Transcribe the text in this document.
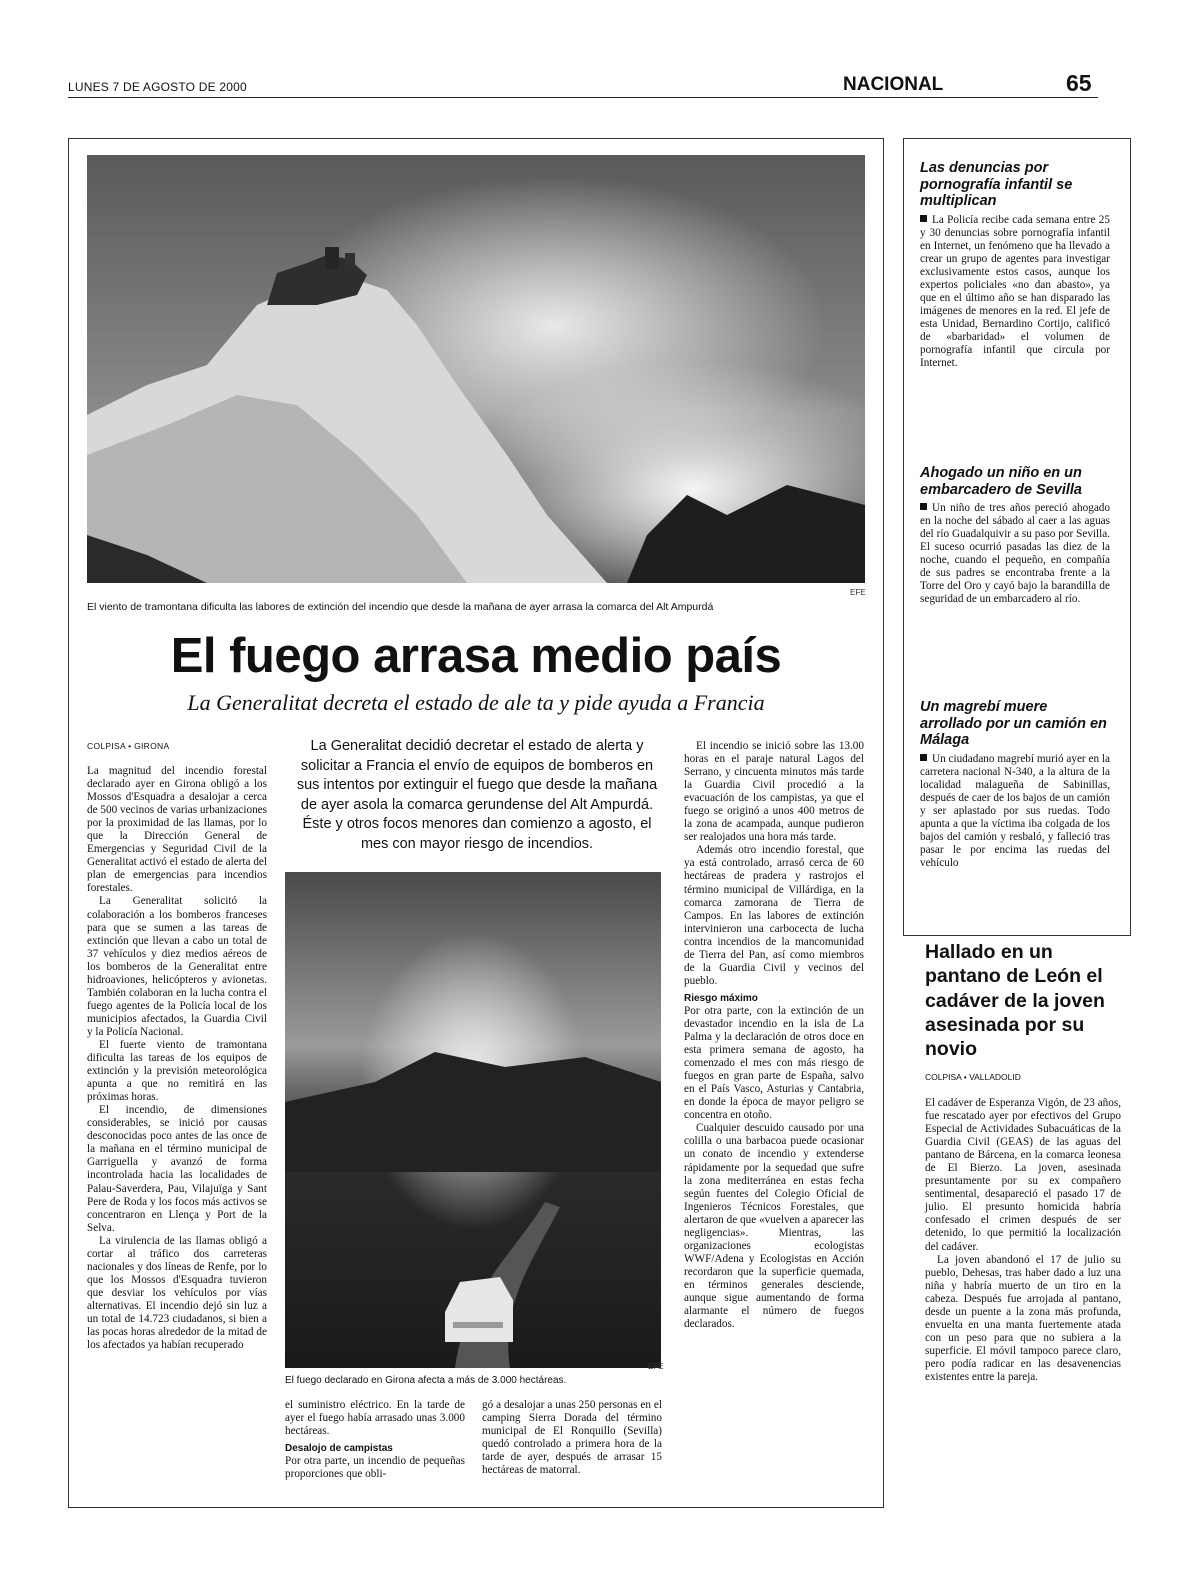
LUNES 7 DE AGOSTO DE 2000	NACIONAL	65
EFE
El viento de tramontana dificulta las labores de extinción del incendio que desde la mañana de ayer arrasa la comarca del Alt Ampurdá
El fuego arrasa medio país
La Generalitat decreta el estado de ale ta y pide ayuda a Francia
COLPISA • GIRONA

La magnitud del incendio forestal declarado ayer en Girona obligó a los Mossos d'Esquadra a desalojar a cerca de 500 vecinos de varias urbanizaciones por la proximidad de las llamas, por lo que la Dirección General de Emergencias y Seguridad Civil de la Generalitat activó el estado de alerta del plan de emergencias para incendios forestales.

La Generalitat solicitó la colaboración a los bomberos franceses para que se sumen a las tareas de extinción que llevan a cabo un total de 37 vehículos y diez medios aéreos de los bomberos de la Generalitat entre hidroaviones, helicópteros y avionetas. También colaboran en la lucha contra el fuego agentes de la Policía local de los municipios afectados, la Guardia Civil y la Policía Nacional.

El fuerte viento de tramontana dificulta las tareas de los equipos de extinción y la previsión meteorológica apunta a que no remitirá en las próximas horas.

El incendio, de dimensiones considerables, se inició por causas desconocidas poco antes de las once de la mañana en el término municipal de Garriguella y avanzó de forma incontrolada hacia las localidades de Palau-Saverdera, Pau, Vilajuïga y Sant Pere de Roda y los focos más activos se concentraron en Llença y Port de la Selva.

La virulencia de las llamas obligó a cortar al tráfico dos carreteras nacionales y dos líneas de Renfe, por lo que los Mossos d'Esquadra tuvieron que desviar los vehículos por vías alternativas. El incendio dejó sin luz a un total de 14.723 ciudadanos, si bien a las pocas horas alrededor de la mitad de los afectados ya habían recuperado

La Generalitat decidió decretar el estado de alerta y solicitar a Francia el envío de equipos de bomberos en sus intentos por extinguir el fuego que desde la mañana de ayer asola la comarca gerundense del Alt Ampurdá. Éste y otros focos menores dan comienzo a agosto, el mes con mayor riesgo de incendios.
EFE
El fuego declarado en Girona afecta a más de 3.000 hectáreas.

el suministro eléctrico. En la tarde de ayer el fuego había arrasado unas 3.000 hectáreas.

Desalojo de campistas

Por otra parte, un incendio de pequeñas proporciones que obli-

gó a desalojar a unas 250 personas en el camping Sierra Dorada del término municipal de El Ronquillo (Sevilla) quedó controlado a primera hora de la tarde de ayer, después de arrasar 15 hectáreas de matorral.

El incendio se inició sobre las 13.00 horas en el paraje natural Lagos del Serrano, y cincuenta minutos más tarde la Guardia Civil procedió a la evacuación de los campistas, ya que el fuego se originó a unos 400 metros de la zona de acampada, aunque pudieron ser realojados una hora más tarde.

Además otro incendio forestal, que ya está controlado, arrasó cerca de 60 hectáreas de pradera y rastrojos el término municipal de Villárdiga, en la comarca zamorana de Tierra de Campos. En las labores de extinción intervinieron una carbocecta de lucha contra incendios de la mancomunidad de Tierra del Pan, así como miembros de la Guardia Civil y vecinos del pueblo.

Riesgo máximo

Por otra parte, con la extinción de un devastador incendio en la isla de La Palma y la declaración de otros doce en esta primera semana de agosto, ha comenzado el mes con más riesgo de fuegos en gran parte de España, salvo en el País Vasco, Asturias y Cantabria, en donde la época de mayor peligro se concentra en otoño.

Cualquier descuido causado por una colilla o una barbacoa puede ocasionar un conato de incendio y extenderse rápidamente por la sequedad que sufre la zona mediterránea en estas fecha según fuentes del Colegio Oficial de Ingenieros Técnicos Forestales, que alertaron de que «vuelven a aparecer las negligencias». Mientras, las organizaciones ecologistas WWF/Adena y Ecologistas en Acción recordaron que la superficie quemada, en términos generales desciende, aunque sigue aumentando de forma alarmante el número de fuegos declarados.

Las denuncias por pornografía infantil se multiplican
La Policía recibe cada semana entre 25 y 30 denuncias sobre pornografía infantil en Internet, un fenómeno que ha llevado a crear un grupo de agentes para investigar exclusivamente estos casos, aunque los expertos policiales «no dan abasto», ya que en el último año se han disparado las imágenes de menores en la red. El jefe de esta Unidad, Bernardino Cortijo, calificó de «barbaridad» el volumen de pornografía infantil que circula por Internet.
Ahogado un niño en un embarcadero de Sevilla
Un niño de tres años pereció ahogado en la noche del sábado al caer a las aguas del río Guadalquivir a su paso por Sevilla. El suceso ocurrió pasadas las diez de la noche, cuando el pequeño, en compañía de sus padres se encontraba frente a la Torre del Oro y cayó bajo la barandilla de seguridad de un embarcadero al río.
Un magrebí muere arrollado por un camión en Málaga
Un ciudadano magrebí murió ayer en la carretera nacional N-340, a la altura de la localidad malagueña de Sabinillas, después de caer de los bajos de un camión y ser aplastado por sus ruedas. Todo apunta a que la víctima iba colgada de los bajos del camión y resbaló, y falleció tras pasar le por encima las ruedas del vehículo
Hallado en un pantano de León el cadáver de la joven asesinada por su novio
COLPISA • VALLADOLID

El cadáver de Esperanza Vigón, de 23 años, fue rescatado ayer por efectivos del Grupo Especial de Actividades Subacuáticas de la Guardia Civil (GEAS) de las aguas del pantano de Bárcena, en la comarca leonesa de El Bierzo. La joven, asesinada presuntamente por su ex compañero sentimental, desapareció el pasado 17 de julio. El presunto homicida habría confesado el crimen después de ser detenido, lo que permitió la localización del cadáver.

La joven abandonó el 17 de julio su pueblo, Dehesas, tras haber dado a luz una niña y habría muerto de un tiro en la cabeza. Después fue arrojada al pantano, desde un puente a la zona más profunda, envuelta en una manta fuertemente atada con un peso para que no subiera a la superficie. El móvil tampoco parece claro, pero podía radicar en las desavenencias existentes entre la pareja.
